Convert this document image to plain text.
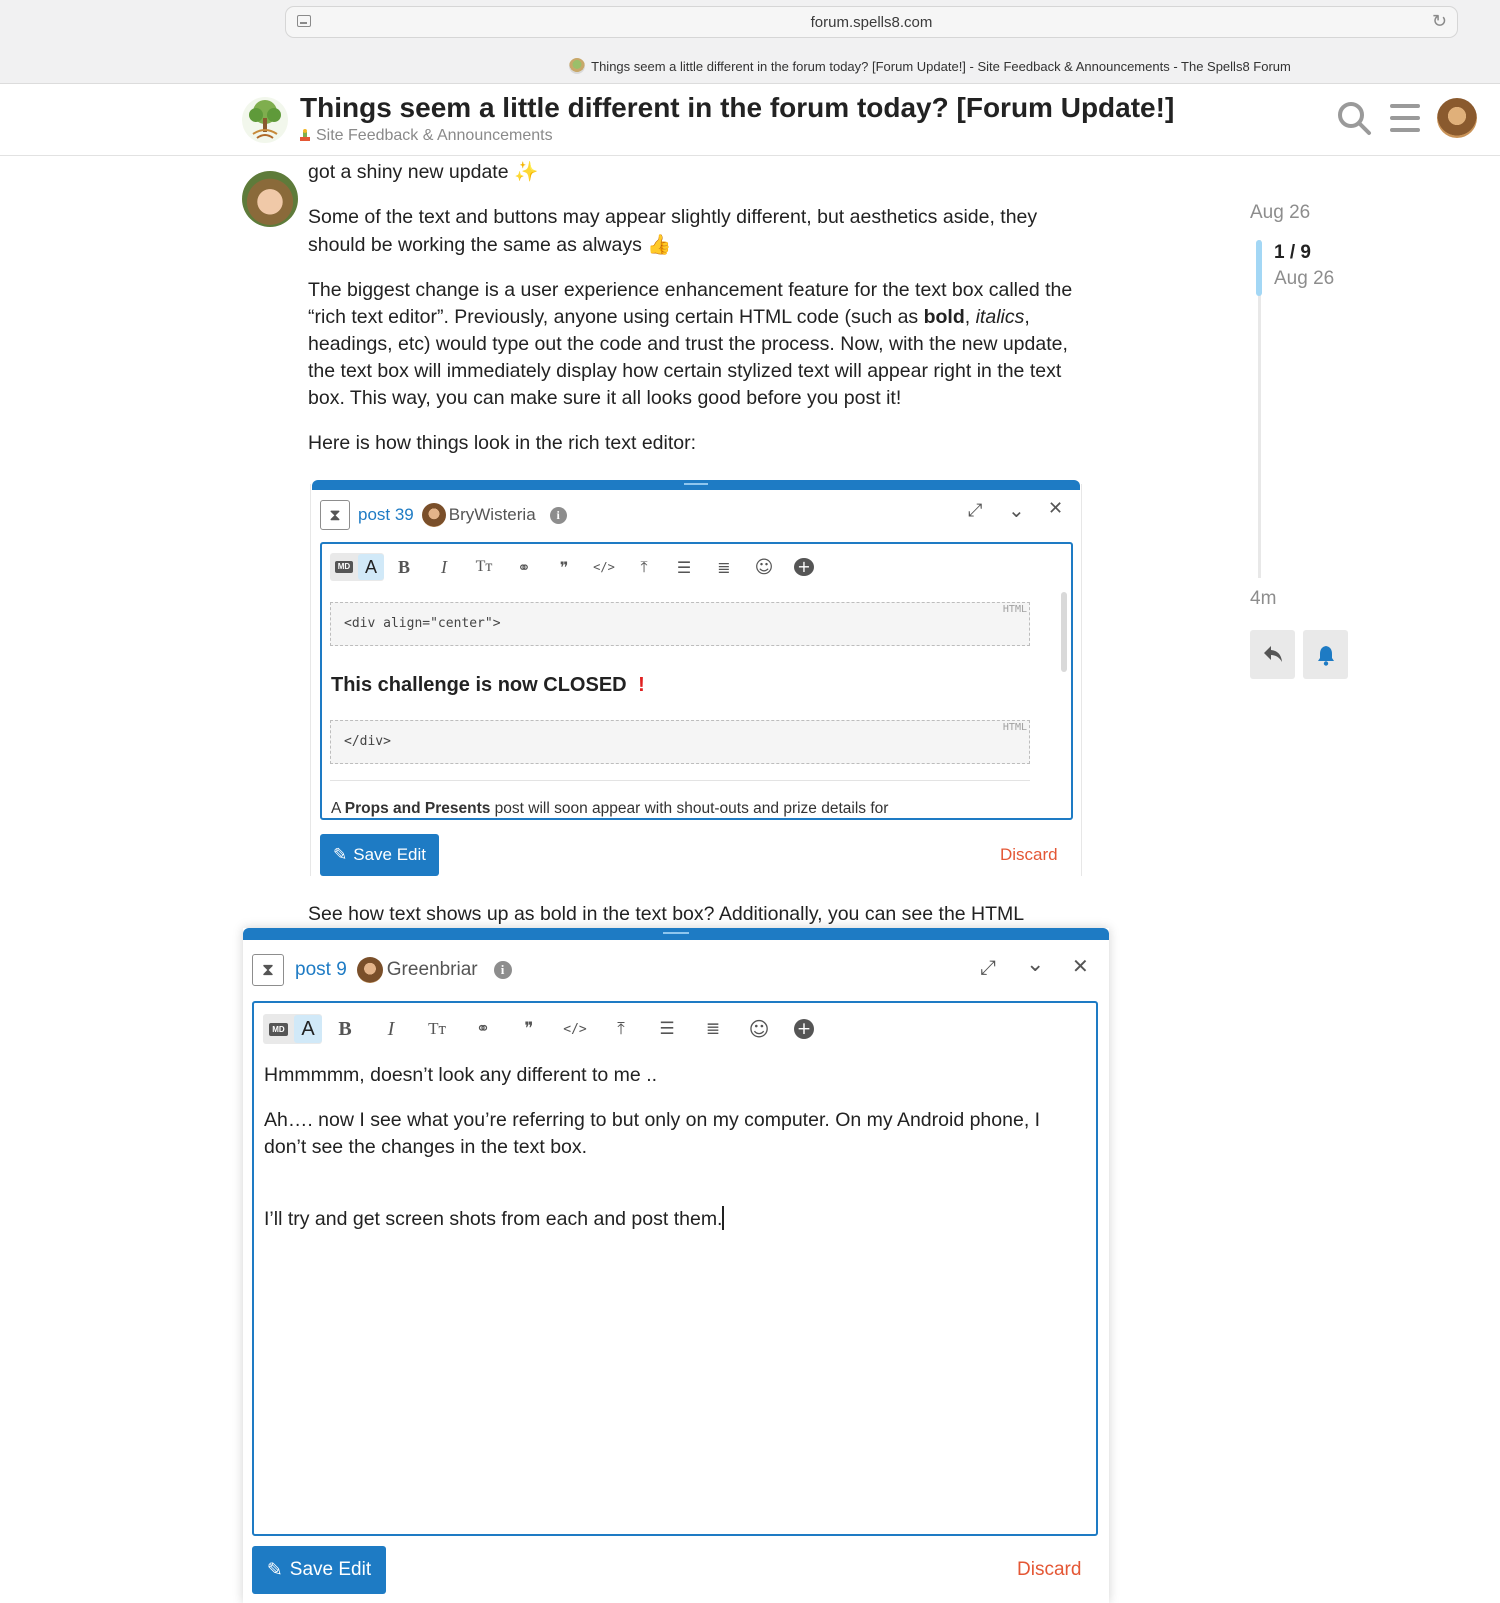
forum.spells8.com	↻
Things seem a little different in the forum today? [Forum Update!] - Site Feedback & Announcements - The Spells8 Forum
Things seem a little different in the forum today? [Forum Update!]
Site Feedback & Announcements

got a shiny new update ✨

Some of the text and buttons may appear slightly different, but aesthetics aside, they should be working the same as always 👍

The biggest change is a user experience enhancement feature for the text box called the “rich text editor”. Previously, anyone using certain HTML code (such as bold, italics, headings, etc) would type out the code and trust the process. Now, with the new update, the text box will immediately display how certain stylized text will appear right in the text box. This way, you can make sure it all looks good before you post it!

Here is how things look in the rich text editor:

Aug 26
1 / 9
Aug 26
4m
⧗	post 39 BryWisteria	i	⤢ ⌄ ✕
MD A	B	I	Tт	⚭	❞	</>	⤒	☰	≣	☺	+
<div align="center">
HTML
This challenge is now CLOSED !
</div>
HTML
A Props and Presents post will soon appear with shout-outs and prize details for
✎ Save Edit	Discard
See how text shows up as bold in the text box? Additionally, you can see the HTML
⧗	post 9 Greenbriar	i	⤢ ⌄ ✕
MD A	B	I	Tт	⚭	❞	</>	⤒	☰	≣	☺	+
✎ Save Edit	Discard

Hmmmmm, doesn’t look any different to me ..

Ah…. now I see what you’re referring to but only on my computer. On my Android phone, I don’t see the changes in the text box.

I’ll try and get screen shots from each and post them.
